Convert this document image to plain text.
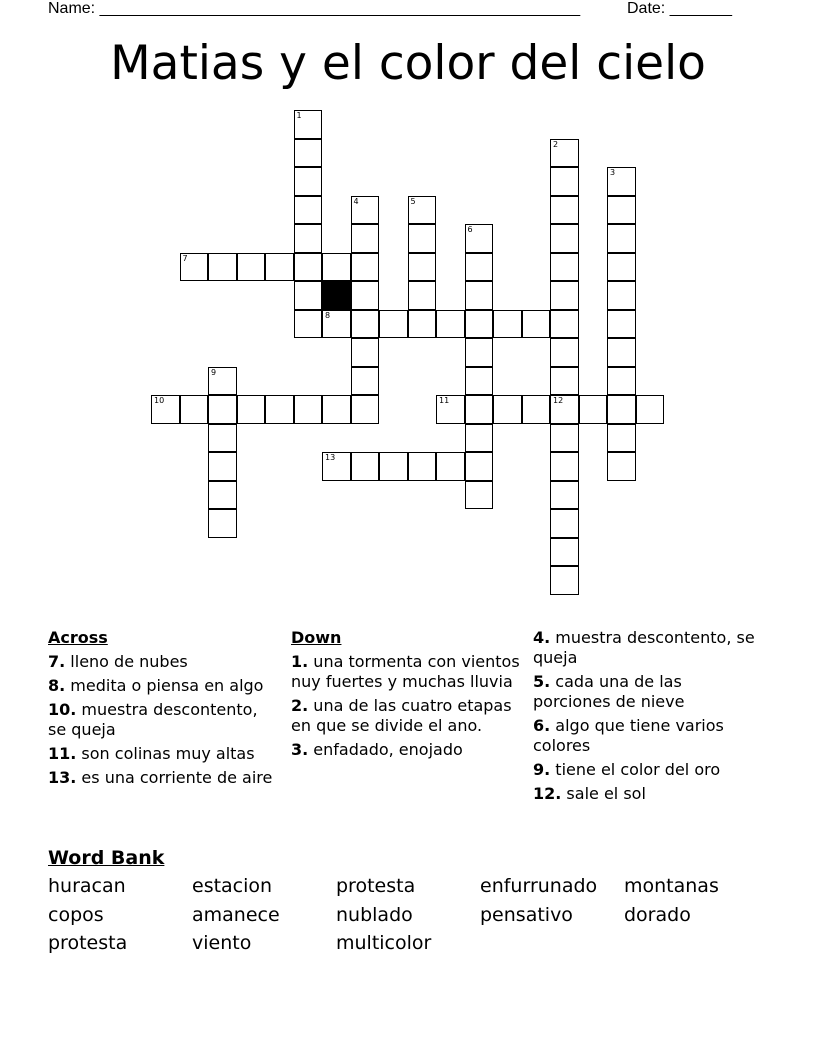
Name: ______________________________________________________	Date: _______
Matias y el color del cielo
1
2
3
4	5
6
7
8
9
10	11	12
13
Across
7. lleno de nubes
8. medita o piensa en algo
10. muestra descontento, se queja
11. son colinas muy altas
13. es una corriente de aire
Down
1. una tormenta con vientos nuy fuertes y muchas lluvia
2. una de las cuatro etapas en que se divide el ano.
3. enfadado, enojado
4. muestra descontento, se queja
5. cada una de las porciones de nieve
6. algo que tiene varios colores
9. tiene el color del oro
12. sale el sol
Word Bank
huracan	estacion	protesta	enfurrunado montanas
copos	amanece	nublado	pensativo	dorado
protesta	viento	multicolor
